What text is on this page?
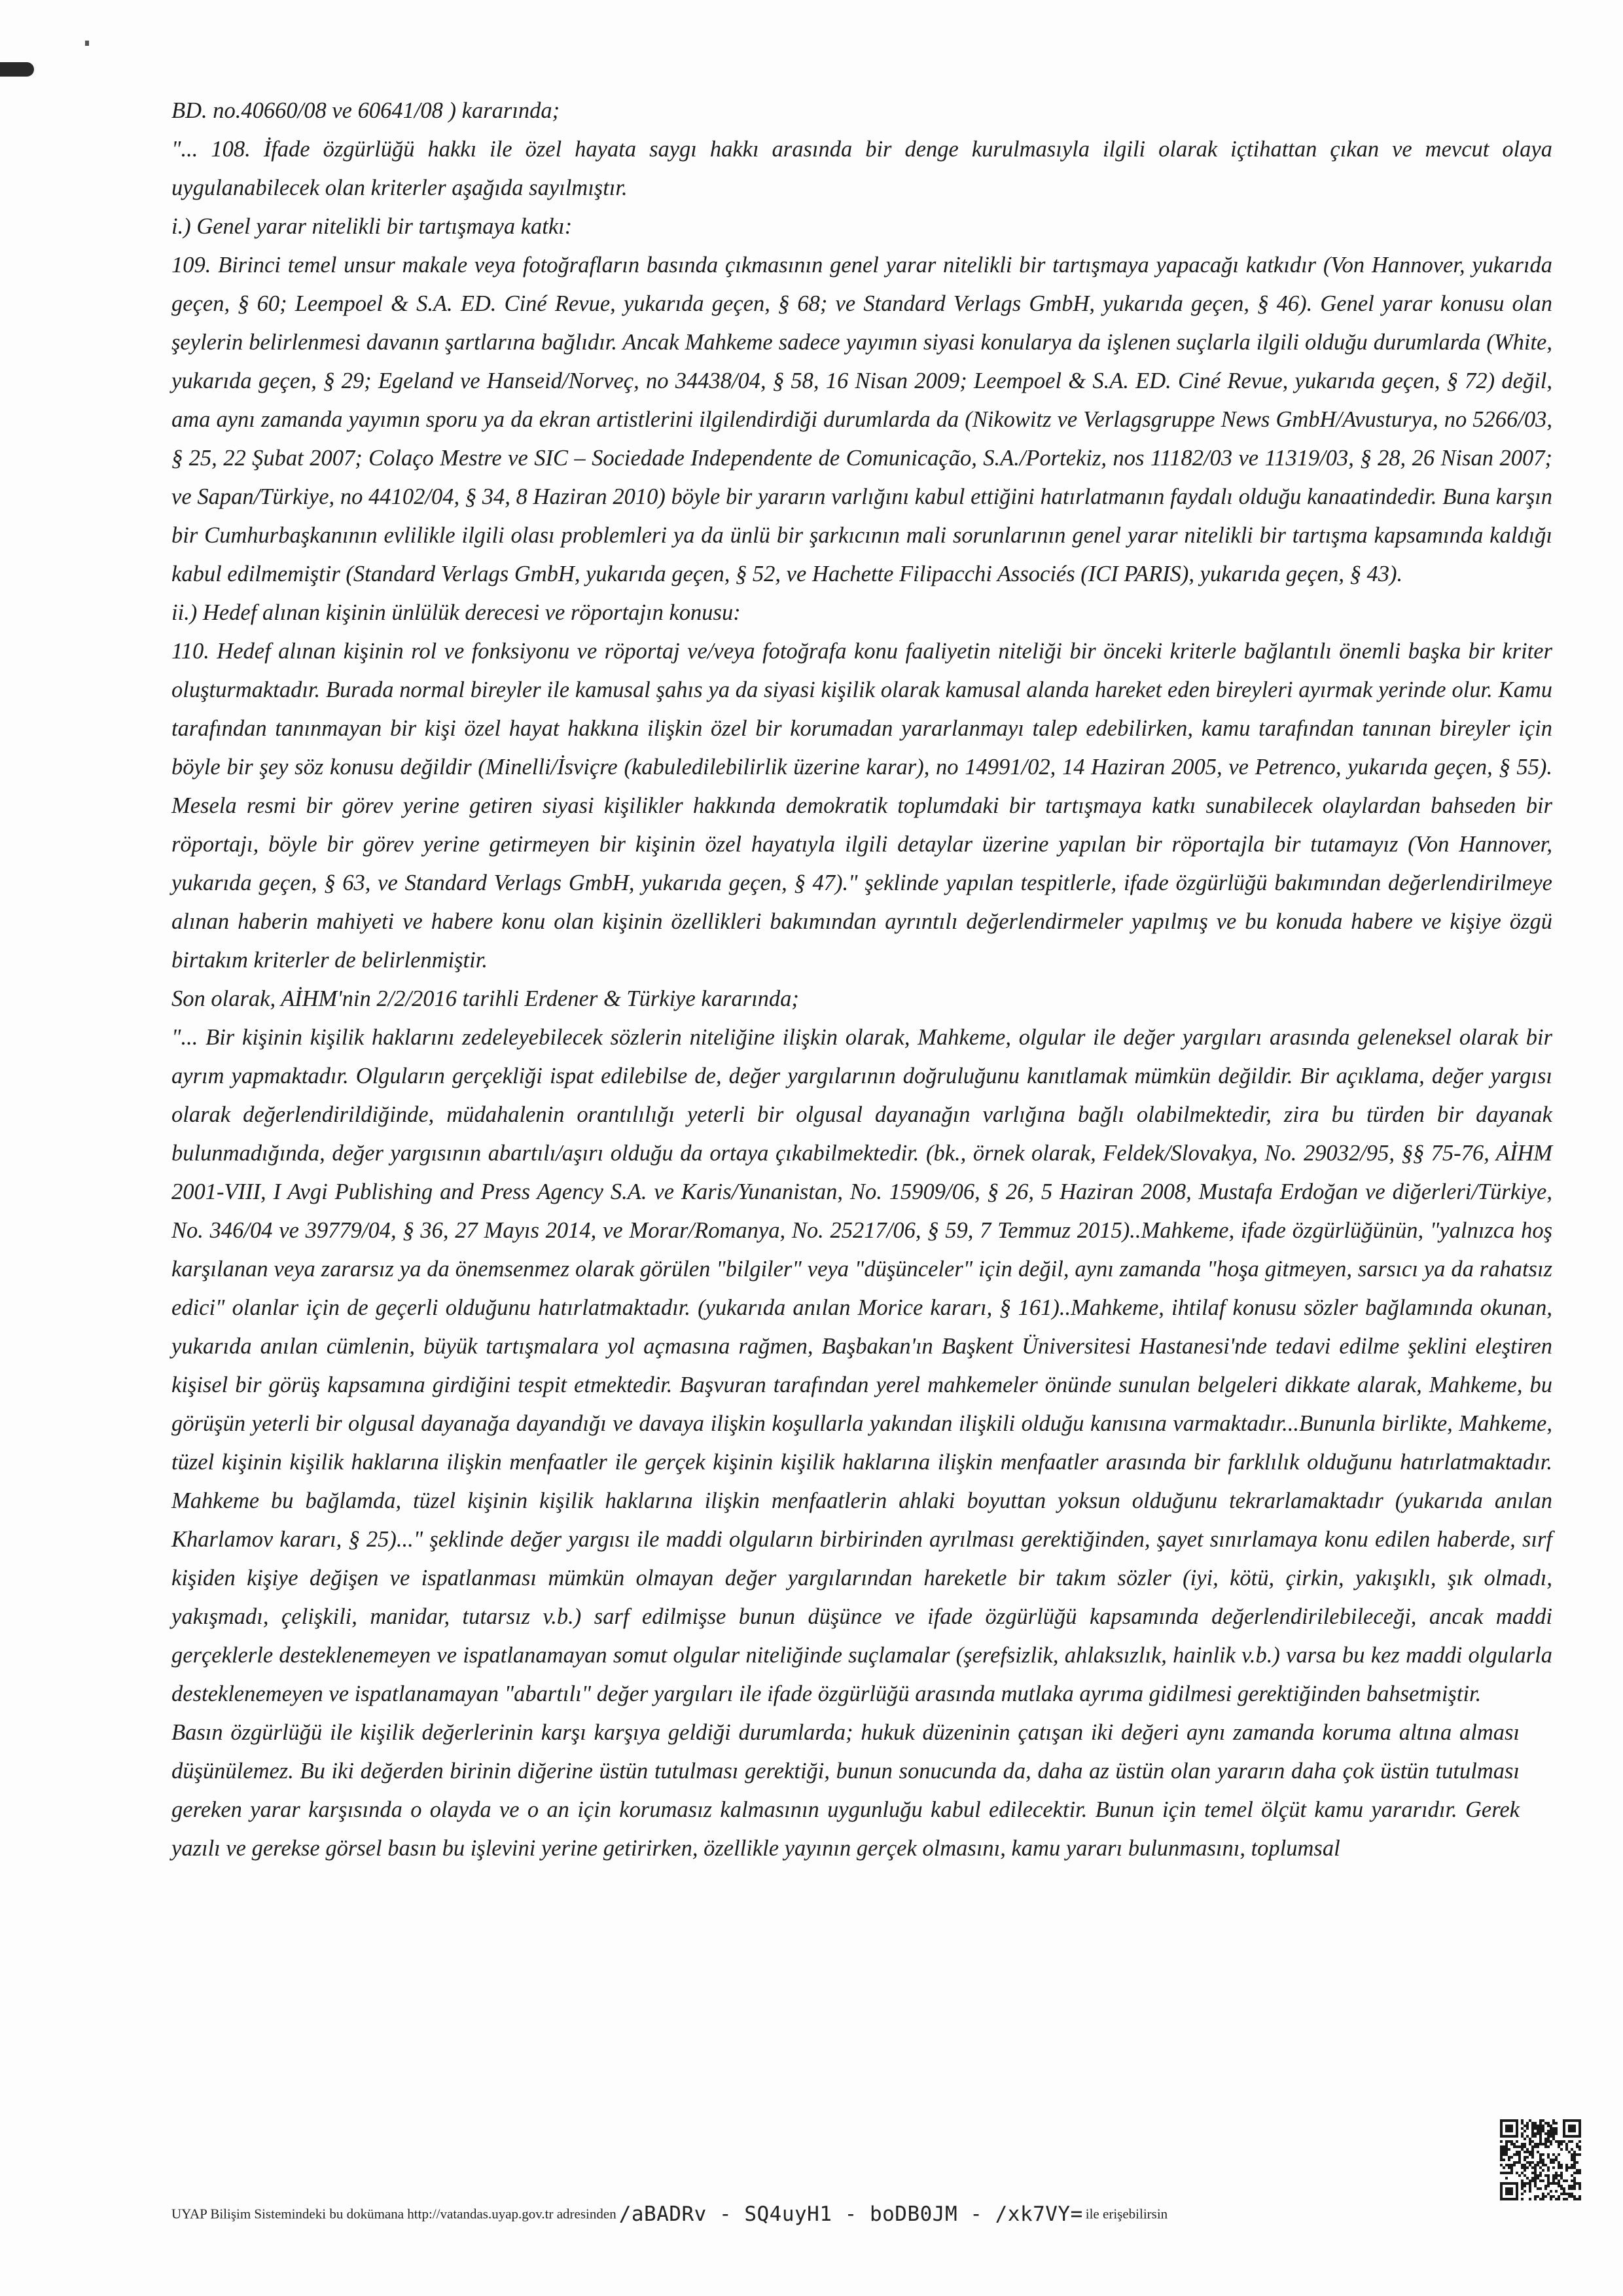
BD. no.40660/08 ve 60641/08 ) kararında;

"... 108. İfade özgürlüğü hakkı ile özel hayata saygı hakkı arasında bir denge kurulmasıyla ilgili olarak içtihattan çıkan ve mevcut olaya uygulanabilecek olan kriterler aşağıda sayılmıştır.

i.) Genel yarar nitelikli bir tartışmaya katkı:

109. Birinci temel unsur makale veya fotoğrafların basında çıkmasının genel yarar nitelikli bir tartışmaya yapacağı katkıdır (Von Hannover, yukarıda geçen, § 60; Leempoel & S.A. ED. Ciné Revue, yukarıda geçen, § 68; ve Standard Verlags GmbH, yukarıda geçen, § 46). Genel yarar konusu olan şeylerin belirlenmesi davanın şartlarına bağlıdır. Ancak Mahkeme sadece yayımın siyasi konularya da işlenen suçlarla ilgili olduğu durumlarda (White, yukarıda geçen, § 29; Egeland ve Hanseid/Norveç, no 34438/04, § 58, 16 Nisan 2009; Leempoel & S.A. ED. Ciné Revue, yukarıda geçen, § 72) değil, ama aynı zamanda yayımın sporu ya da ekran artistlerini ilgilendirdiği durumlarda da (Nikowitz ve Verlagsgruppe News GmbH/Avusturya, no 5266/03, § 25, 22 Şubat 2007; Colaço Mestre ve SIC – Sociedade Independente de Comunicação, S.A./Portekiz, nos 11182/03 ve 11319/03, § 28, 26 Nisan 2007; ve Sapan/Türkiye, no 44102/04, § 34, 8 Haziran 2010) böyle bir yararın varlığını kabul ettiğini hatırlatmanın faydalı olduğu kanaatindedir. Buna karşın bir Cumhurbaşkanının evlilikle ilgili olası problemleri ya da ünlü bir şarkıcının mali sorunlarının genel yarar nitelikli bir tartışma kapsamında kaldığı kabul edilmemiştir (Standard Verlags GmbH, yukarıda geçen, § 52, ve Hachette Filipacchi Associés (ICI PARIS), yukarıda geçen, § 43).

ii.) Hedef alınan kişinin ünlülük derecesi ve röportajın konusu:

110. Hedef alınan kişinin rol ve fonksiyonu ve röportaj ve/veya fotoğrafa konu faaliyetin niteliği bir önceki kriterle bağlantılı önemli başka bir kriter oluşturmaktadır. Burada normal bireyler ile kamusal şahıs ya da siyasi kişilik olarak kamusal alanda hareket eden bireyleri ayırmak yerinde olur. Kamu tarafından tanınmayan bir kişi özel hayat hakkına ilişkin özel bir korumadan yararlanmayı talep edebilirken, kamu tarafından tanınan bireyler için böyle bir şey söz konusu değildir (Minelli/İsviçre (kabuledilebilirlik üzerine karar), no 14991/02, 14 Haziran 2005, ve Petrenco, yukarıda geçen, § 55). Mesela resmi bir görev yerine getiren siyasi kişilikler hakkında demokratik toplumdaki bir tartışmaya katkı sunabilecek olaylardan bahseden bir röportajı, böyle bir görev yerine getirmeyen bir kişinin özel hayatıyla ilgili detaylar üzerine yapılan bir röportajla bir tutamayız (Von Hannover, yukarıda geçen, § 63, ve Standard Verlags GmbH, yukarıda geçen, § 47)." şeklinde yapılan tespitlerle, ifade özgürlüğü bakımından değerlendirilmeye alınan haberin mahiyeti ve habere konu olan kişinin özellikleri bakımından ayrıntılı değerlendirmeler yapılmış ve bu konuda habere ve kişiye özgü birtakım kriterler de belirlenmiştir.

Son olarak, AİHM'nin 2/2/2016 tarihli Erdener & Türkiye kararında;

"... Bir kişinin kişilik haklarını zedeleyebilecek sözlerin niteliğine ilişkin olarak, Mahkeme, olgular ile değer yargıları arasında geleneksel olarak bir ayrım yapmaktadır. Olguların gerçekliği ispat edilebilse de, değer yargılarının doğruluğunu kanıtlamak mümkün değildir. Bir açıklama, değer yargısı olarak değerlendirildiğinde, müdahalenin orantılılığı yeterli bir olgusal dayanağın varlığına bağlı olabilmektedir, zira bu türden bir dayanak bulunmadığında, değer yargısının abartılı/aşırı olduğu da ortaya çıkabilmektedir. (bk., örnek olarak, Feldek/Slovakya, No. 29032/95, §§ 75-76, AİHM 2001-VIII, I Avgi Publishing and Press Agency S.A. ve Karis/Yunanistan, No. 15909/06, § 26, 5 Haziran 2008, Mustafa Erdoğan ve diğerleri/Türkiye, No. 346/04 ve 39779/04, § 36, 27 Mayıs 2014, ve Morar/Romanya, No. 25217/06, § 59, 7 Temmuz 2015)..Mahkeme, ifade özgürlüğünün, "yalnızca hoş karşılanan veya zararsız ya da önemsenmez olarak görülen "bilgiler" veya "düşünceler" için değil, aynı zamanda "hoşa gitmeyen, sarsıcı ya da rahatsız edici" olanlar için de geçerli olduğunu hatırlatmaktadır. (yukarıda anılan Morice kararı, § 161)..Mahkeme, ihtilaf konusu sözler bağlamında okunan, yukarıda anılan cümlenin, büyük tartışmalara yol açmasına rağmen, Başbakan'ın Başkent Üniversitesi Hastanesi'nde tedavi edilme şeklini eleştiren kişisel bir görüş kapsamına girdiğini tespit etmektedir. Başvuran tarafından yerel mahkemeler önünde sunulan belgeleri dikkate alarak, Mahkeme, bu görüşün yeterli bir olgusal dayanağa dayandığı ve davaya ilişkin koşullarla yakından ilişkili olduğu kanısına varmaktadır...Bununla birlikte, Mahkeme, tüzel kişinin kişilik haklarına ilişkin menfaatler ile gerçek kişinin kişilik haklarına ilişkin menfaatler arasında bir farklılık olduğunu hatırlatmaktadır. Mahkeme bu bağlamda, tüzel kişinin kişilik haklarına ilişkin menfaatlerin ahlaki boyuttan yoksun olduğunu tekrarlamaktadır (yukarıda anılan Kharlamov kararı, § 25)..." şeklinde değer yargısı ile maddi olguların birbirinden ayrılması gerektiğinden, şayet sınırlamaya konu edilen haberde, sırf kişiden kişiye değişen ve ispatlanması mümkün olmayan değer yargılarından hareketle bir takım sözler (iyi, kötü, çirkin, yakışıklı, şık olmadı, yakışmadı, çelişkili, manidar, tutarsız v.b.) sarf edilmişse bunun düşünce ve ifade özgürlüğü kapsamında değerlendirilebileceği, ancak maddi gerçeklerle desteklenemeyen ve ispatlanamayan somut olgular niteliğinde suçlamalar (şerefsizlik, ahlaksızlık, hainlik v.b.) varsa bu kez maddi olgularla desteklenemeyen ve ispatlanamayan "abartılı" değer yargıları ile ifade özgürlüğü arasında mutlaka ayrıma gidilmesi gerektiğinden bahsetmiştir.

Basın özgürlüğü ile kişilik değerlerinin karşı karşıya geldiği durumlarda; hukuk düzeninin çatışan iki değeri aynı zamanda koruma altına alması düşünülemez. Bu iki değerden birinin diğerine üstün tutulması gerektiği, bunun sonucunda da, daha az üstün olan yararın daha çok üstün tutulması gereken yarar karşısında o olayda ve o an için korumasız kalmasının uygunluğu kabul edilecektir. Bunun için temel ölçüt kamu yararıdır. Gerek yazılı ve gerekse görsel basın bu işlevini yerine getirirken, özellikle yayının gerçek olmasını, kamu yararı bulunmasını, toplumsal

UYAP Bilişim Sistemindeki bu dokümana http://vatandas.uyap.gov.tr adresinden /aBADRv - SQ4uyH1 - boDB0JM - /xk7VY= ile erişebilirsin
